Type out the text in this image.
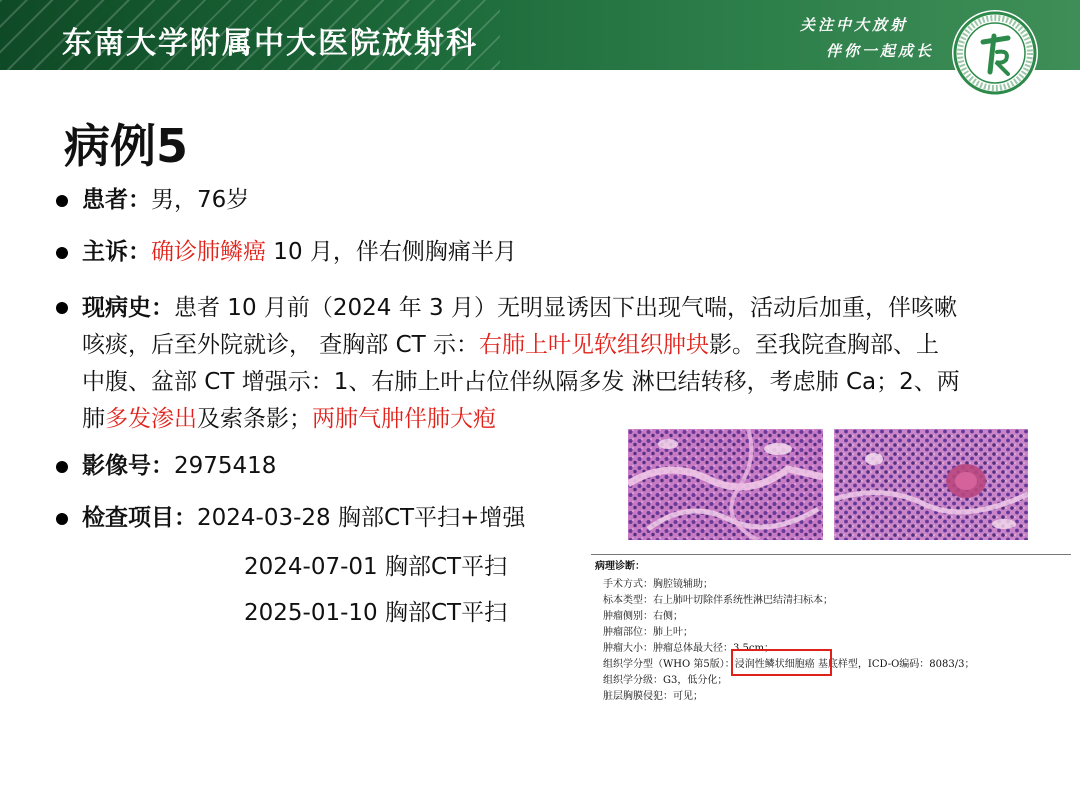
东南大学附属中大医院放射科
关注中大放射
伴你一起成长
病例5
患者：男，76岁
主诉：确诊肺鳞癌 10 月，伴右侧胸痛半月
现病史：患者 10 月前（2024 年 3 月）无明显诱因下出现气喘，活动后加重，伴咳嗽
咳痰，后至外院就诊， 查胸部 CT 示：右肺上叶见软组织肿块影。至我院查胸部、上
中腹、盆部 CT 增强示：1、右肺上叶占位伴纵隔多发 淋巴结转移，考虑肺 Ca；2、两
肺多发渗出及索条影；两肺气肿伴肺大疱
影像号：2975418
检查项目：2024-03-28 胸部CT平扫+增强
2024-07-01 胸部CT平扫
2025-01-10 胸部CT平扫
病理诊断：
手术方式：胸腔镜辅助；
标本类型：右上肺叶切除伴系统性淋巴结清扫标本；
肿瘤侧别：右侧；
肿瘤部位：肺上叶；
肿瘤大小：肿瘤总体最大径：3.5cm；
组织学分型（WHO 第5版）：浸润性鳞状细胞癌 基底样型，ICD-O编码：8083/3；
组织学分级：G3，低分化；
脏层胸膜侵犯：可见；
